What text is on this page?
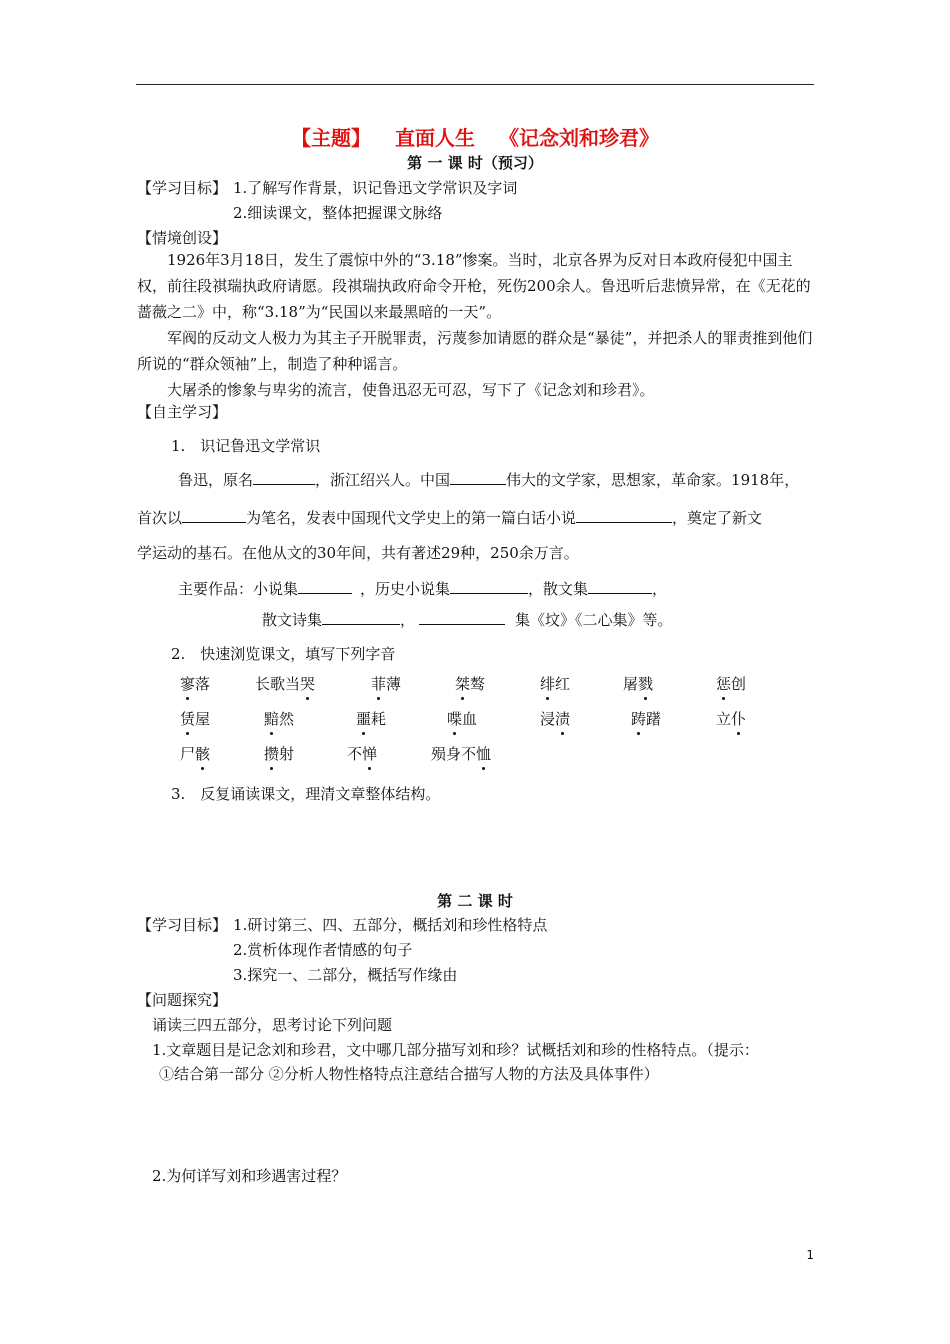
【主题】 直面人生 《记念刘和珍君》
第 一 课 时（预习）
【学习目标】 1.了解写作背景，识记鲁迅文学常识及字词
2.细读课文，整体把握课文脉络
【情境创设】
1926年3月18日，发生了震惊中外的“3.18”惨案。当时，北京各界为反对日本政府侵犯中国主权，前往段祺瑞执政府请愿。段祺瑞执政府命令开枪，死伤200余人。鲁迅听后悲愤异常，在《无花的蔷薇之二》中，称“3.18”为“民国以来最黑暗的一天”。
军阀的反动文人极力为其主子开脱罪责，污蔑参加请愿的群众是“暴徒”，并把杀人的罪责推到他们所说的“群众领袖”上，制造了种种谣言。
大屠杀的惨象与卑劣的流言，使鲁迅忍无可忍，写下了《记念刘和珍君》。
【自主学习】
1.　识记鲁迅文学常识
鲁迅，原名	，浙江绍兴人。中国	伟大的文学家，思想家，革命家。1918年，
首次以	为笔名，发表中国现代文学史上的第一篇白话小说	，奠定了新文
学运动的基石。在他从文的30年间，共有著述29种，250余万言。
主要作品：小说集	，历史小说集	，散文集	，
散文诗集	，	集《坟》《二心集》等。
2.　快速浏览课文，填写下列字音
寥落	长歌当哭	菲薄	桀骜	绯红	屠戮	惩创
赁屋	黯然	噩耗	喋血	浸渍	踌躇	立仆
尸骸	攒射	不惮	殒身不恤
3.　反复诵读课文，理清文章整体结构。
第 二 课 时
【学习目标】 1.研讨第三、四、五部分，概括刘和珍性格特点
2.赏析体现作者情感的句子
3.探究一、二部分，概括写作缘由
【问题探究】
诵读三四五部分，思考讨论下列问题
1.文章题目是记念刘和珍君，文中哪几部分描写刘和珍？试概括刘和珍的性格特点。（提示：
①结合第一部分 ②分析人物性格特点注意结合描写人物的方法及具体事件）
2.为何详写刘和珍遇害过程？
1
